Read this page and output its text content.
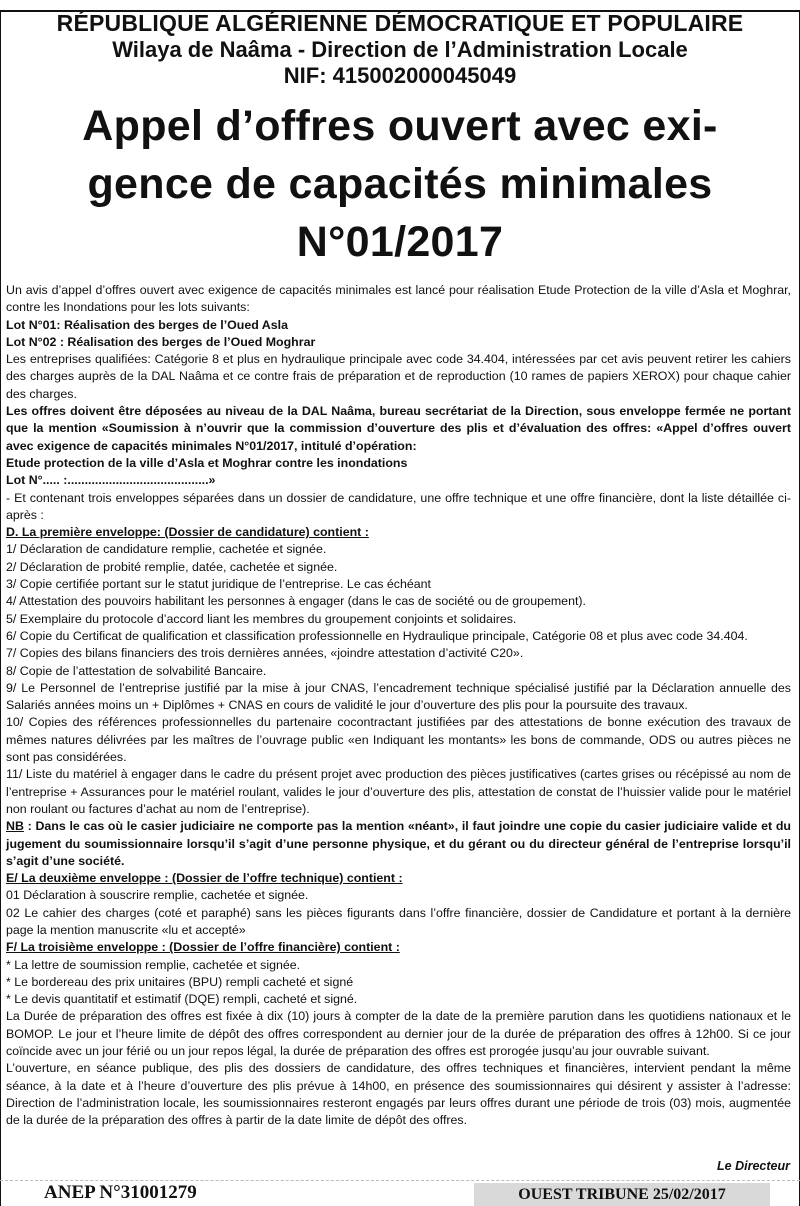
RÉPUBLIQUE ALGÉRIENNE DÉMOCRATIQUE ET POPULAIRE
Wilaya de Naâma - Direction de l’Administration Locale
NIF: 415002000045049
Appel d’offres ouvert avec exi-
gence de capacités minimales
N°01/2017

Un avis d’appel d’offres ouvert avec exigence de capacités minimales est lancé pour réalisation Etude Protection de la ville d’Asla et Moghrar, contre les Inondations pour les lots suivants:

Lot N°01: Réalisation des berges de l’Oued Asla

Lot N°02 : Réalisation des berges de l’Oued Moghrar

Les entreprises qualifiées: Catégorie 8 et plus en hydraulique principale avec code 34.404, intéressées par cet avis peuvent retirer les cahiers des charges auprès de la DAL Naâma et ce contre frais de préparation et de reproduction (10 rames de papiers XEROX) pour chaque cahier des charges.

Les offres doivent être déposées au niveau de la DAL Naâma, bureau secrétariat de la Direction, sous enveloppe fermée ne portant que la mention «Soumission à n’ouvrir que la commission d’ouverture des plis et d’évaluation des offres: «Appel d’offres ouvert avec exigence de capacités minimales N°01/2017, intitulé d’opération:

Etude protection de la ville d’Asla et Moghrar contre les inondations

Lot N°..... :.........................................»

- Et contenant trois enveloppes séparées dans un dossier de candidature, une offre technique et une offre financière, dont la liste détaillée ci-après :

D. La première enveloppe: (Dossier de candidature) contient :

1/ Déclaration de candidature remplie, cachetée et signée.

2/ Déclaration de probité remplie, datée, cachetée et signée.

3/ Copie certifiée portant sur le statut juridique de l’entreprise. Le cas échéant

4/ Attestation des pouvoirs habilitant les personnes à engager (dans le cas de société ou de groupement).

5/ Exemplaire du protocole d’accord liant les membres du groupement conjoints et solidaires.

6/ Copie du Certificat de qualification et classification professionnelle en Hydraulique principale, Catégorie 08 et plus avec code 34.404.

7/ Copies des bilans financiers des trois dernières années, «joindre attestation d’activité C20».

8/ Copie de l’attestation de solvabilité Bancaire.

9/ Le Personnel de l’entreprise justifié par la mise à jour CNAS, l’encadrement technique spécialisé justifié par la Déclaration annuelle des Salariés années moins un + Diplômes + CNAS en cours de validité le jour d’ouverture des plis pour la poursuite des travaux.

10/ Copies des références professionnelles du partenaire cocontractant justifiées par des attestations de bonne exécution des travaux de mêmes natures délivrées par les maîtres de l’ouvrage public «en Indiquant les montants» les bons de commande, ODS ou autres pièces ne sont pas considérées.

11/ Liste du matériel à engager dans le cadre du présent projet avec production des pièces justificatives (cartes grises ou récépissé au nom de l’entreprise + Assurances pour le matériel roulant, valides le jour d’ouverture des plis, attestation de constat de l’huissier valide pour le matériel non roulant ou factures d’achat au nom de l’entreprise).

NB : Dans le cas où le casier judiciaire ne comporte pas la mention «néant», il faut joindre une copie du casier judiciaire valide et du jugement du soumissionnaire lorsqu’il s’agit d’une personne physique, et du gérant ou du directeur général de l’entreprise lorsqu’il s’agit d’une société.

E/ La deuxième enveloppe : (Dossier de l’offre technique) contient :

01 Déclaration à souscrire remplie, cachetée et signée.

02 Le cahier des charges (coté et paraphé) sans les pièces figurants dans l’offre financière, dossier de Candidature et portant à la dernière page la mention manuscrite «lu et accepté»

F/ La troisième enveloppe : (Dossier de l’offre financière) contient :

* La lettre de soumission remplie, cachetée et signée.

* Le bordereau des prix unitaires (BPU) rempli cacheté et signé

* Le devis quantitatif et estimatif (DQE) rempli, cacheté et signé.

La Durée de préparation des offres est fixée à dix (10) jours à compter de la date de la première parution dans les quotidiens nationaux et le BOMOP. Le jour et l’heure limite de dépôt des offres correspondent au dernier jour de la durée de préparation des offres à 12h00. Si ce jour coïncide avec un jour férié ou un jour repos légal, la durée de préparation des offres est prorogée jusqu’au jour ouvrable suivant.

L’ouverture, en séance publique, des plis des dossiers de candidature, des offres techniques et financières, intervient pendant la même séance, à la date et à l’heure d’ouverture des plis prévue à 14h00, en présence des soumissionnaires qui désirent y assister à l’adresse: Direction de l’administration locale, les soumissionnaires resteront engagés par leurs offres durant une période de trois (03) mois, augmentée de la durée de la préparation des offres à partir de la date limite de dépôt des offres.

Le Directeur
ANEP N°31001279	OUEST TRIBUNE 25/02/2017
